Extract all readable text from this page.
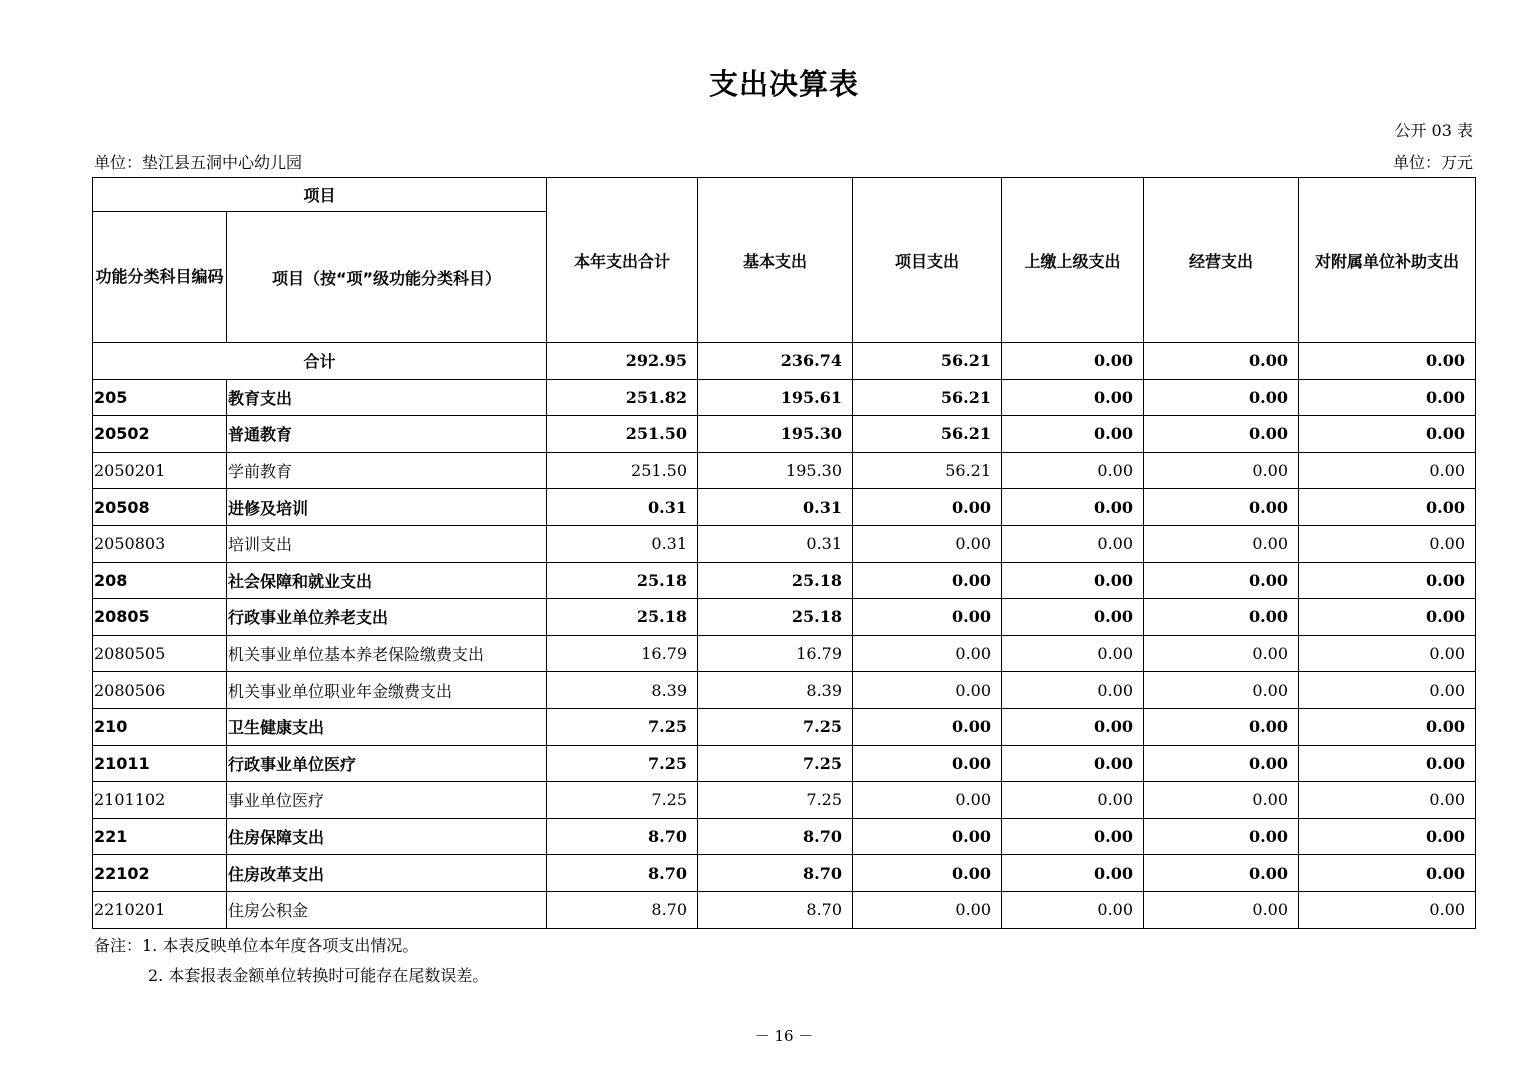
支出决算表
公开 03 表
单位：垫江县五洞中心幼儿园	单位：万元
项目		本年支出合计	基本支出	项目支出	上缴上级支出	经营支出	对附属单位补助支出
功能分类科目编码	项目（按“项”级功能分类科目）						
合计		292.95	236.74	56.21	0.00	0.00	0.00
205	教育支出	251.82	195.61	56.21	0.00	0.00	0.00
20502	普通教育	251.50	195.30	56.21	0.00	0.00	0.00
2050201	学前教育	251.50	195.30	56.21	0.00	0.00	0.00
20508	进修及培训	0.31	0.31	0.00	0.00	0.00	0.00
2050803	培训支出	0.31	0.31	0.00	0.00	0.00	0.00
208	社会保障和就业支出	25.18	25.18	0.00	0.00	0.00	0.00
20805	行政事业单位养老支出	25.18	25.18	0.00	0.00	0.00	0.00
2080505	机关事业单位基本养老保险缴费支出	16.79	16.79	0.00	0.00	0.00	0.00
2080506	机关事业单位职业年金缴费支出	8.39	8.39	0.00	0.00	0.00	0.00
210	卫生健康支出	7.25	7.25	0.00	0.00	0.00	0.00
21011	行政事业单位医疗	7.25	7.25	0.00	0.00	0.00	0.00
2101102	事业单位医疗	7.25	7.25	0.00	0.00	0.00	0.00
221	住房保障支出	8.70	8.70	0.00	0.00	0.00	0.00
22102	住房改革支出	8.70	8.70	0.00	0.00	0.00	0.00
2210201	住房公积金	8.70	8.70	0.00	0.00	0.00	0.00
备注：1. 本表反映单位本年度各项支出情况。
2. 本套报表金额单位转换时可能存在尾数误差。
－ 16 －
